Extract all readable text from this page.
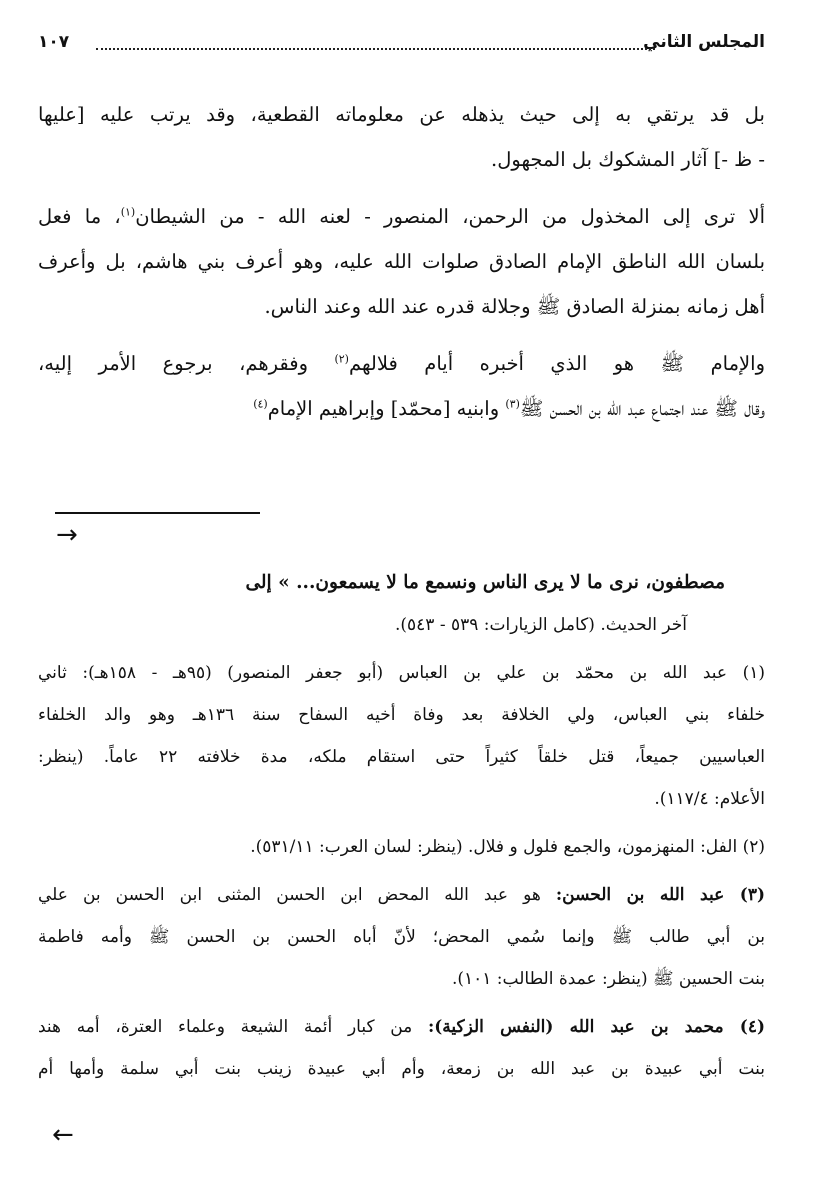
المجلس الثاني
١٠٧

بل قد يرتقي به إلى حيث يذهله عن معلوماته القطعية، وقد يرتب عليه [عليها
- ظ -] آثار المشكوك بل المجهول.

ألا ترى إلى المخذول من الرحمن، المنصور - لعنه الله - من الشيطان$^{(١)}$، ما فعل
بلسان الله الناطق الإمام الصادق صلوات الله عليه، وهو أعرف بني هاشم، بل وأعرف
أهل زمانه بمنزلة الصادق ﷺ وجلالة قدره عند الله وعند الناس.

والإمام ﷺ هو الذي أخبره أيام فلالهم$^{(٢)}$ وفقرهم، برجوع الأمر إليه،
وقال ﷺ عند اجتماع عبد الله بن الحسن ﷺ$^{(٣)}$ وابنيه [محمّد] وإبراهيم الإمام$^{(٤)}$

→

مصطفون، نرى ما لا يرى الناس ونسمع ما لا يسمعون... » إلى

آخر الحديث. (كامل الزيارات: ٥٣٩ - ٥٤٣).

(١) عبد الله بن محمّد بن علي بن العباس (أبو جعفر المنصور) (٩٥هـ - ١٥٨هـ): ثاني
خلفاء بني العباس، ولي الخلافة بعد وفاة أخيه السفاح سنة ١٣٦هـ وهو والد الخلفاء
العباسيين جميعاً، قتل خلقاً كثيراً حتى استقام ملكه، مدة خلافته ٢٢ عاماً. (ينظر:
الأعلام: ١١٧/٤).
(٢) الفل: المنهزمون، والجمع فلول و فلال. (ينظر: لسان العرب: ٥٣١/١١).
(٣) عبد الله بن الحسن: هو عبد الله المحض ابن الحسن المثنى ابن الحسن بن علي
بن أبي طالب ﷺ وإنما سُمي المحض؛ لأنّ أباه الحسن بن الحسن ﷺ وأمه فاطمة
بنت الحسين ﷺ (ينظر: عمدة الطالب: ١٠١).
(٤) محمد بن عبد الله (النفس الزكية): من كبار أئمة الشيعة وعلماء العترة، أمه هند
بنت أبي عبيدة بن عبد الله بن زمعة، وأم أبي عبيدة زينب بنت أبي سلمة وأمها أم
←
